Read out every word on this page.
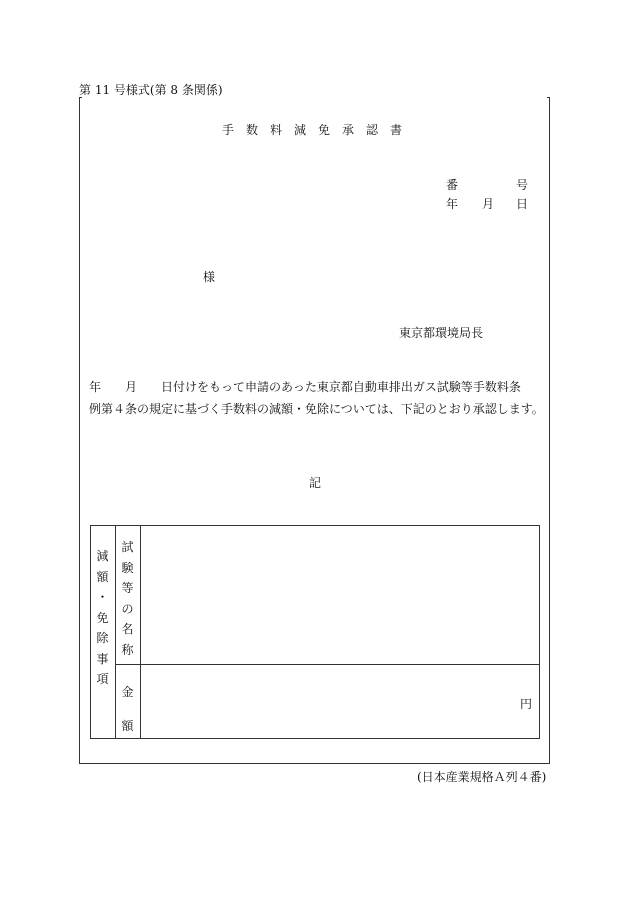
第 11 号様式(第 8 条関係)
手数料減免承認書
番	号
年 月 日
様
東京都環境局長
年　　月　　日付けをもって申請のあった東京都自動車排出ガス試験等手数料条
例第４条の規定に基づく手数料の減額・免除については、下記のとおり承認します。
記
減
額
・
免
除
事
項
試
験
等
の
名
称
金
額
円
(日本産業規格Ａ列４番)
